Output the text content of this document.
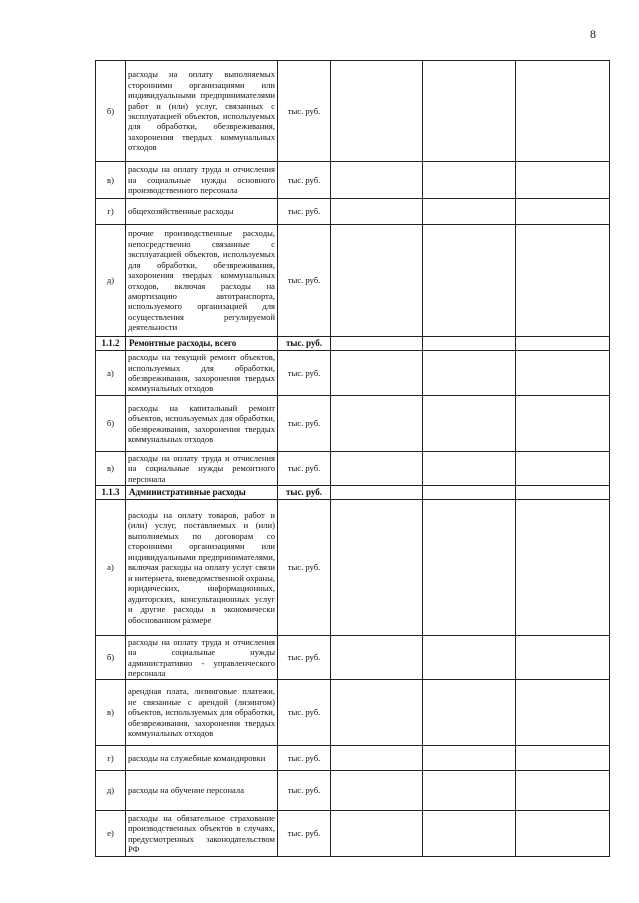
8
б)	расходы на оплату выполняемых сторонними организациями или индивидуальными предпринимателями работ и (или) услуг, связанных с эксплуатацией объектов, используемых для обработки, обезвреживания, захоронения твердых коммунальных отходов	тыс. руб.			
в)	расходы на оплату труда и отчисления на социальные нужды основного производственного персонала	тыс. руб.			
г)	общехозяйственные расходы	тыс. руб.			
д)	прочие производственные расходы, непосредственно связанные с эксплуатацией объектов, используемых для обработки, обезвреживания, захоронения твердых коммунальных отходов, включая расходы на амортизацию автотранспорта, используемого организацией для осуществления регулируемой деятельности	тыс. руб.			
1.1.2	Ремонтные расходы, всего	тыс. руб.			
а)	расходы на текущий ремонт объектов, используемых для обработки, обезвреживания, захоронения твердых коммунальных отходов	тыс. руб.			
б)	расходы на капитальный ремонт объектов, используемых для обработки, обезвреживания, захоронения твердых коммунальных отходов	тыс. руб.			
в)	расходы на оплату труда и отчисления на социальные нужды ремонтного персонала	тыс. руб.			
1.1.3	Административные расходы	тыс. руб.			
а)	расходы на оплату товаров, работ и (или) услуг, поставляемых и (или) выполняемых по договорам со сторонними организациями или индивидуальными предпринимателями, включая расходы на оплату услуг связи и интернета, вневедомственной охраны, юридических, информационных, аудиторских, консультационных услуг и другие расходы в экономически обоснованном размере	тыс. руб.			
б)	расходы на оплату труда и отчисления на социальные нужды административно - управленческого персонала	тыс. руб.			
в)	арендная плата, лизинговые платежи, не связанные с арендой (лизингом) объектов, используемых для обработки, обезвреживания, захоронения твердых коммунальных отходов	тыс. руб.			
г)	расходы на служебные командировки	тыс. руб.			
д)	расходы на обучение персонала	тыс. руб.			
е)	расходы на обязательное страхование производственных объектов в случаях, предусмотренных законодательством РФ	тыс. руб.			
